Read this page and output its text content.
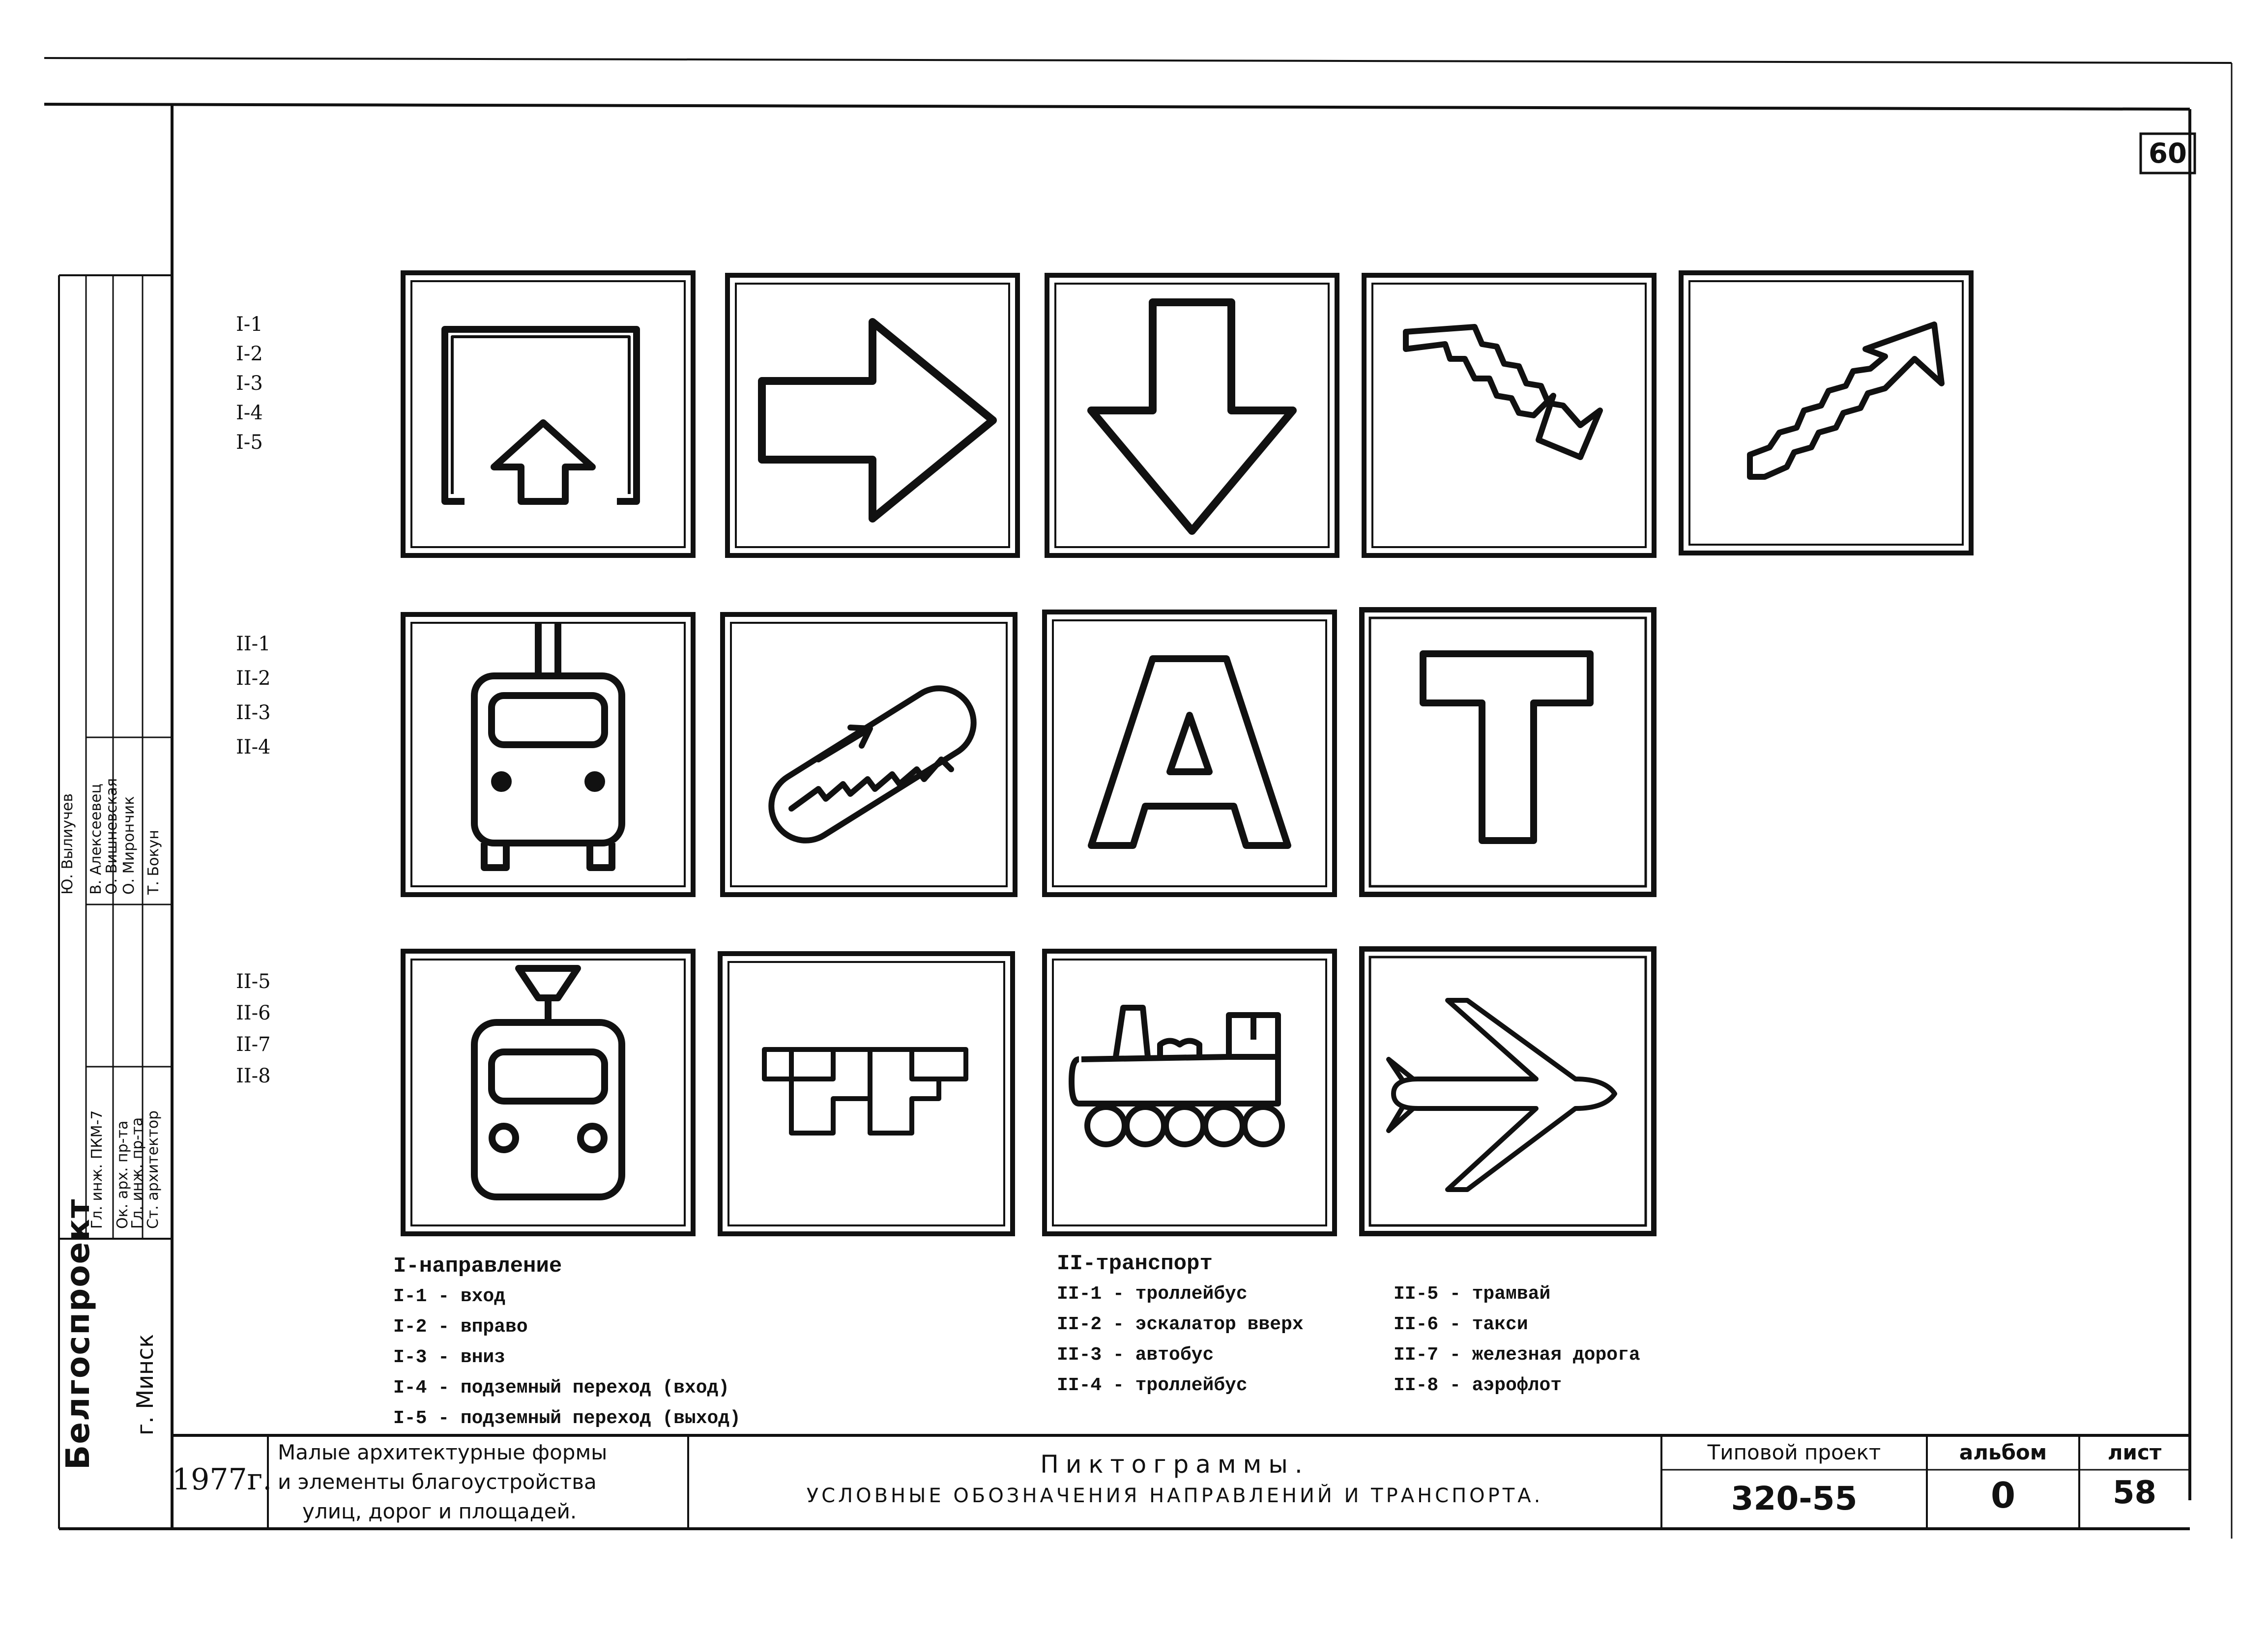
60
I-1
I-2
I-3
I-4
I-5
II-1
II-2
II-3
II-4
II-5
II-6
II-7
II-8
A
T
I-направление
I-1 - вход
I-2 - вправо
I-3 - вниз
I-4 - подземный переход (вход)
I-5 - подземный переход (выход)
II-транспорт
II-1 - троллейбус
II-2 - эскалатор вверх
II-3 - автобус
II-4 - троллейбус
II-5 - трамвай
II-6 - такси
II-7 - железная дорога
II-8 - аэрофлот
Белгоспроект г. Минск
Гл. инж. ПКМ-7 Ок. арх. пр-та
Гл. инж. пр-та
Ст. архитектор
Ю. Вылиучев В. Алексеевец
О. Вишневская О. Мирончик Т. Бокун
1977г.
Малые архитектурные формы
и элементы благоустройства
улиц, дорог и площадей.
Пиктограммы.
УСЛОВНЫЕ ОБОЗНАЧЕНИЯ НАПРАВЛЕНИЙ И ТРАНСПОРТА.
Типовой проект
320-55
альбом
0
лист
58
